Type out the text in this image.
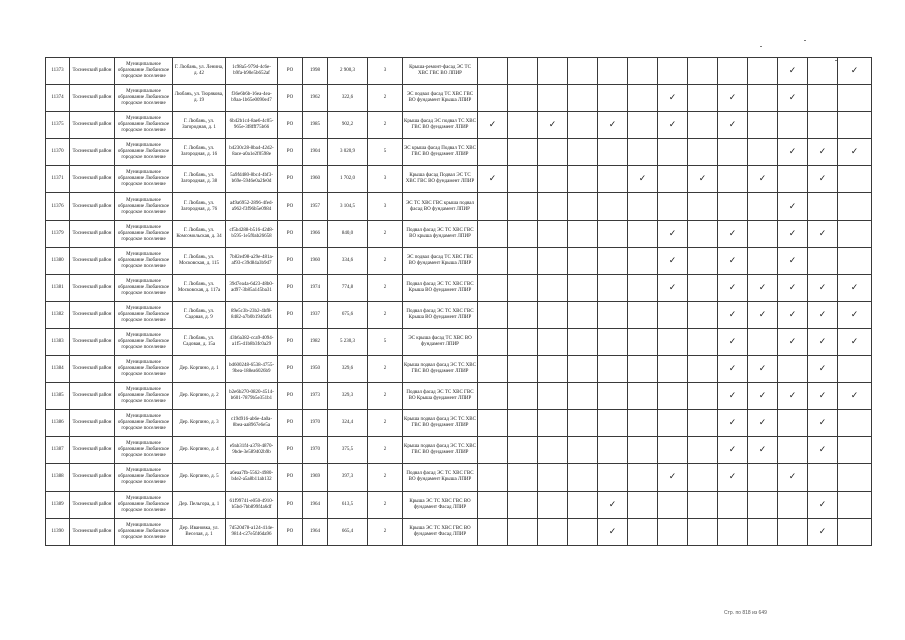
11373	Тосненский район	Муниципальное образование Любанское городское поселение	Г. Любань, ул. Ленина, д. 42	1c98a5-979d-4c6e-b9fa-b90e5b652af	РО	1998	2 900,3	3	Крыша-ремонт-фасад ЭС ТС ХВС ГВС ВО ЛПИР											✓		✓
11374	Тосненский район	Муниципальное образование Любанское городское поселение	Любань, ул. Тюрякова, д. 19	f36e6b6b-16ea-4ea-b9aa-1b65e0090e47	РО	1962	322,6	2	ЭС подвал фасад ТС ХВС ГВС ВО фундамент Крыша ЛПИР							✓		✓		✓		
11375	Тосненский район	Муниципальное образование Любанское городское поселение	Г. Любань, ул. Загородная, д. 1	6b42b1c4-8ae6-4c05-965e-3f8fff75b66	РО	1985	902,2	2	Крыша фасад ЭС подвал ТС ХВС ГВС ВО фундамент ЛПИР	✓		✓		✓		✓		✓				
11370	Тосненский район	Муниципальное образование Любанское городское поселение	Г. Любань, ул. Загородная, д. 16	b4230c28-8ba4-42d2-8ace-a0a1e2f0598e	РО	1904	3 020,9	5	ЭС крыша фасад Подвал ТС ХВС ГВС ВО фундамент ЛПИР											✓	✓	✓
11371	Тосненский район	Муниципальное образование Любанское городское поселение	Г. Любань, ул. Загородная, д. 38	5a9fd480-8bc4-4bf3-b69e-5946e0a2fe0d	РО	1960	1 702,0	3	Крыша фасад Подвал ЭС ТС ХВС ГВС ВО фундамент ЛПИР	✓					✓		✓		✓		✓	
11376	Тосненский район	Муниципальное образование Любанское городское поселение	Г. Любань, ул. Загородная, д. 76	a49a6952-2896-4fed-a962-f3f96b5e0984	РО	1957	3 104,5	3	ЭС ТС ХВС ГВС крыша подвал фасад ВО фундамент ЛПИР											✓		
11379	Тосненский район	Муниципальное образование Любанское городское поселение	Г. Любань, ул. Комсомольская, д. 34	cf5b4288-b516-42d8-b595-1e5f0ab26658	РО	1966	840,0	2	Подвал фасад ЭС ТС ХВС ГВС ВО крыша фундамент ЛПИР							✓		✓		✓	✓	
11380	Тосненский район	Муниципальное образование Любанское городское поселение	Г. Любань, ул. Московская, д. 115	7b82e498-a29e-481a-af93-c39d84a3b9d7	РО	1960	334,6	2	ЭС подвал фасад ТС ХВС ГВС ВО фундамент Крыша ЛПИР							✓		✓		✓		
11381	Тосненский район	Муниципальное образование Любанское городское поселение	Г. Любань, ул. Московская, д. 117а	39d7ea4a-6d23-48b0-ad97-3b85a145ba31	РО	1974	774,8	2	Подвал фасад ЭС ТС ХВС ГВС Крыша ВО фундамент ЛПИР							✓		✓	✓	✓	✓	✓
11382	Тосненский район	Муниципальное образование Любанское городское поселение	Г. Любань, ул. Садовая, д. 9	89e5c3b-23b2-4bf8-8482-a7b0b1946a91	РО	1937	675,6	2	Подвал фасад ЭС ТС ХВС ГВС Крыша ВО фундамент ЛПИР									✓	✓	✓	✓	✓
11383	Тосненский район	Муниципальное образование Любанское городское поселение	Г. Любань, ул. Садовая, д. 15а	43b6a382-cca9-4094-a1f5-d1b8b3fc0a29	РО	1982	5 230,3	5	ЭС крыша фасад ТС ХВС ВО фундамент ЛПИР									✓		✓	✓	✓
11384	Тосненский район	Муниципальное образование Любанское городское поселение	Дер. Корпино, д. 1	bd600248-6538-4755-9bea-188ea6026b9	РО	1950	329,6	2	Крыша подвал фасад ЭС ТС ХВС ГВС ВО фундамент ЛПИР									✓	✓		✓	
11385	Тосненский район	Муниципальное образование Любанское городское поселение	Дер. Корпино, д. 2	b2e6b270-0820-4514-b601-7879b5e351b1	РО	1973	329,3	2	Подвал фасад ЭС ТС ХВС ГВС ВО Крыша фундамент ЛПИР									✓	✓	✓	✓	✓
11386	Тосненский район	Муниципальное образование Любанское городское поселение	Дер. Корпино, д. 3	c19d916-ab6e-4a0a-8bea-aa8967e6e5a	РО	1970	324,4	2	Крыша подвал фасад ЭС ТС ХВС ГВС ВО фундамент ЛПИР									✓	✓		✓	
11387	Тосненский район	Муниципальное образование Любанское городское поселение	Дер. Корпино, д. 4	e9ab31f4-a378-4870-9bde-3e589402b9b	РО	1970	375,5	2	Крыша подвал фасад ЭС ТС ХВС ГВС ВО фундамент ЛПИР									✓	✓		✓	
11388	Тосненский район	Муниципальное образование Любанское городское поселение	Дер. Корпино, д. 5	a6eaa7fb-5562-4980-b4e2-a5a8b11ab132	РО	1969	397,3	2	Подвал фасад ЭС ТС ХВС ГВС ВО фундамент Крыша ЛПИР							✓		✓		✓		
11389	Тосненский район	Муниципальное образование Любанское городское поселение	Дер. Пельгора, д. 1	61f99741-e050-4910-b5bd-7bb899f4a6df	РО	1964	613,5	2	Крыша ЭС ТС ХВС ГВС ВО фундамент Фасад ЛПИР					✓							✓	
11390	Тосненский район	Муниципальное образование Любанское городское поселение	Дер. Ивановка, ул. Веселая, д. 1	7d520d78-a124-414e-9814-c27e5f46da96	РО	1964	665,4	2	Крыша ЭС ТС ХВС ГВС ВО фундамент Фасад ЛПИР					✓							✓	
Стр. по 818 из 649
